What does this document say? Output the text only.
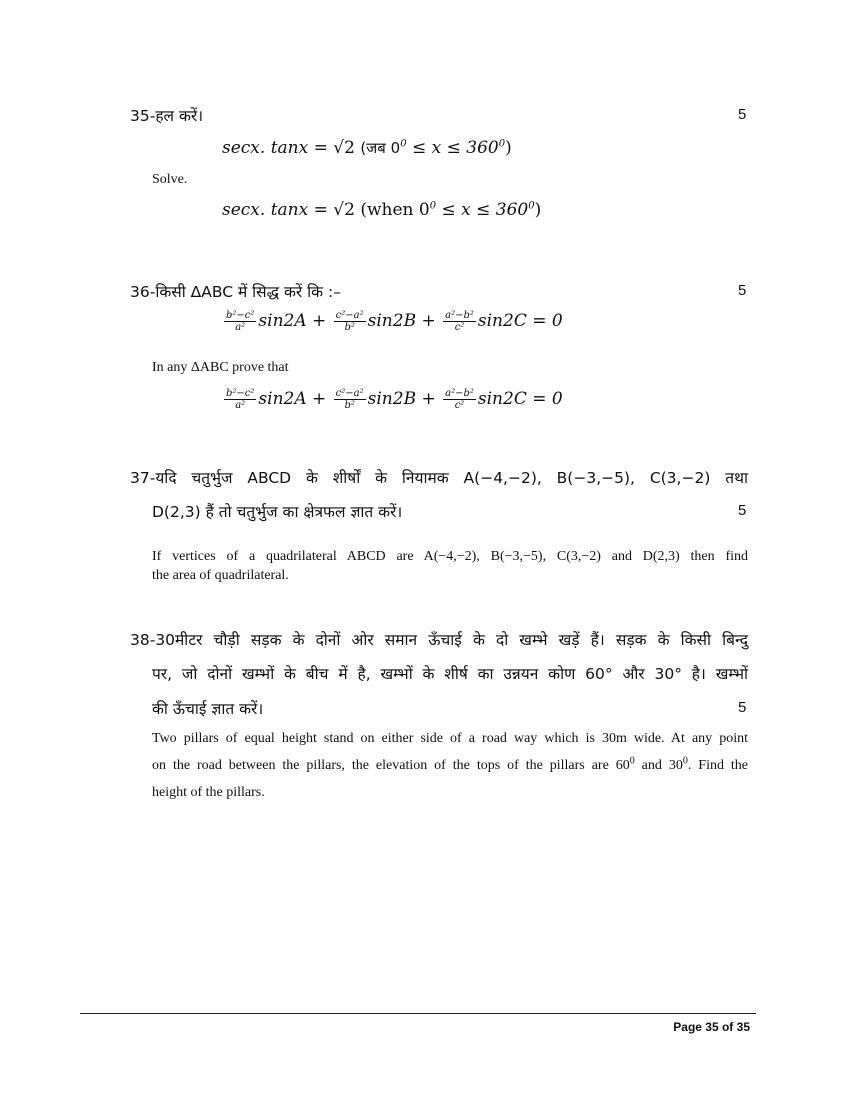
35-हल करें।	5
secx. tanx = √2 (जब $0^0 \le x \le 360^0$)
Solve.
secx. tanx = √2 (when $0^0 \le x \le 360^0$)
36-किसी ΔABC में सिद्ध करें कि :–	5
$\frac{\text{b²−c²}}{\text{a²}} \sin 2A + \frac{\text{c²−a²}}{\text{b²}} \sin 2B + \frac{\text{a²−b²}}{\text{c²}} \sin 2C = 0$
In any ΔABC prove that
$\frac{\text{b²−c²}}{\text{a²}} \sin 2A + \frac{\text{c²−a²}}{\text{b²}} \sin 2B + \frac{\text{a²−b²}}{\text{c²}} \sin 2C = 0$
37-यदि चतुर्भुज ABCD के शीर्षों के नियामक A(−4,−2), B(−3,−5), C(3,−2) तथा
D(2,3) हैं तो चतुर्भुज का क्षेत्रफल ज्ञात करें।	5
If vertices of a quadrilateral ABCD are A(−4,−2), B(−3,−5), C(3,−2) and D(2,3) then find
the area of quadrilateral.
38-30मीटर चौड़ी सड़क के दोनों ओर समान ऊँचाई के दो खम्भे खड़ें हैं। सड़क के किसी बिन्दु
पर, जो दोनों खम्भों के बीच में है, खम्भों के शीर्ष का उन्नयन कोण 60° और 30° है। खम्भों
की ऊँचाई ज्ञात करें।	5
Two pillars of equal height stand on either side of a road way which is 30m wide. At any point
on the road between the pillars, the elevation of the tops of the pillars are $60^0$ and $30^0$. Find the
height of the pillars.
Page 35 of 35
